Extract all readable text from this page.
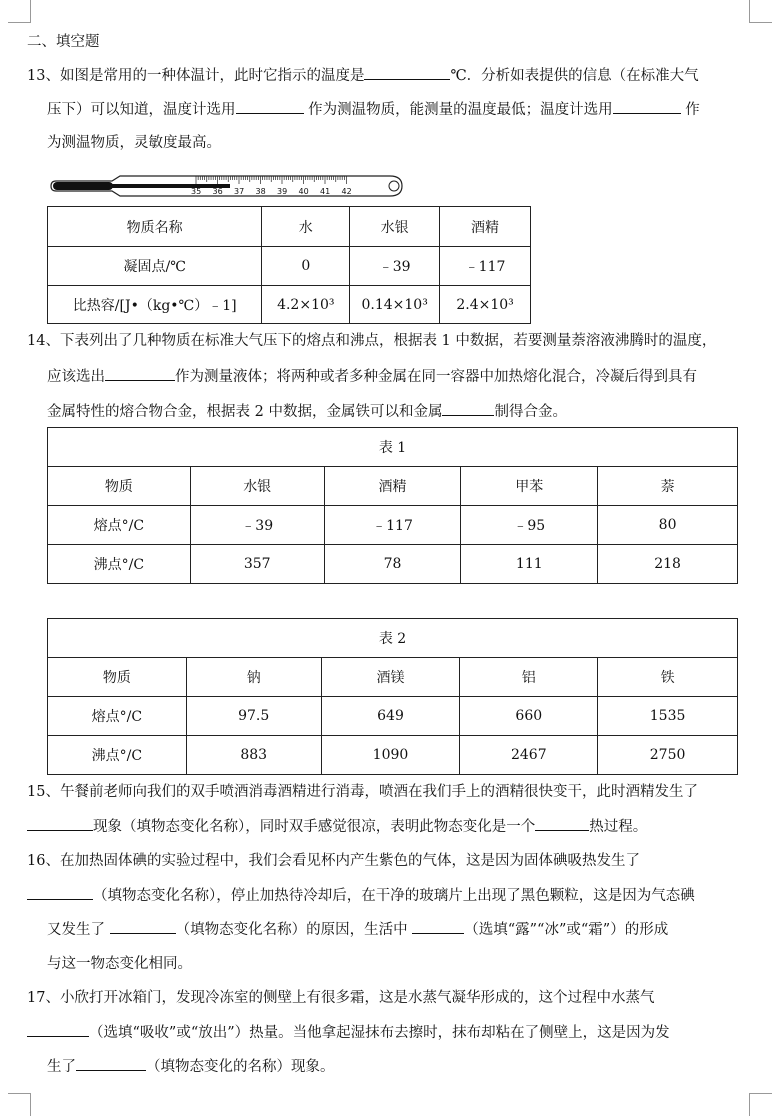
二、填空题
13、如图是常用的一种体温计，此时它指示的温度是	℃．分析如表提供的信息（在标准大气
压下）可以知道，温度计选用	作为测温物质，能测量的温度最低；温度计选用	作
为测温物质，灵敏度最高。
35 36 37 38 39 40 41 42
物质名称	水	水银	酒精
凝固点/℃	0	﹣39	﹣117
比热容/[J•（kg•℃）﹣1]	4.2×10³	0.14×10³	2.4×10³
14、下表列出了几种物质在标准大气压下的熔点和沸点，根据表 1 中数据，若要测量萘溶液沸腾时的温度，
应该选出	作为测量液体；将两种或者多种金属在同一容器中加热熔化混合，冷凝后得到具有
金属特性的熔合物合金，根据表 2 中数据，金属铁可以和金属	制得合金。
表 1				
物质	水银	酒精	甲苯	萘
熔点°/C	﹣39	﹣117	﹣95	80
沸点°/C	357	78	111	218
表 2				
物质	钠	酒镁	铝	铁
熔点°/C	97.5	649	660	1535
沸点°/C	883	1090	2467	2750
15、午餐前老师向我们的双手喷酒消毒酒精进行消毒，喷酒在我们手上的酒精很快变干，此时酒精发生了
现象（填物态变化名称），同时双手感觉很凉，表明此物态变化是一个	热过程。
16、在加热固体碘的实验过程中，我们会看见杯内产生紫色的气体，这是因为固体碘吸热发生了
（填物态变化名称），停止加热待冷却后，在干净的玻璃片上出现了黑色颗粒，这是因为气态碘
又发生了	（填物态变化名称）的原因，生活中	（选填“露”“冰”或“霜”）的形成
与这一物态变化相同。
17、小欣打开冰箱门，发现冷冻室的侧壁上有很多霜，这是水蒸气凝华形成的，这个过程中水蒸气
（选填“吸收”或“放出”）热量。当他拿起湿抹布去擦时，抹布却粘在了侧壁上，这是因为发
生了	（填物态变化的名称）现象。
